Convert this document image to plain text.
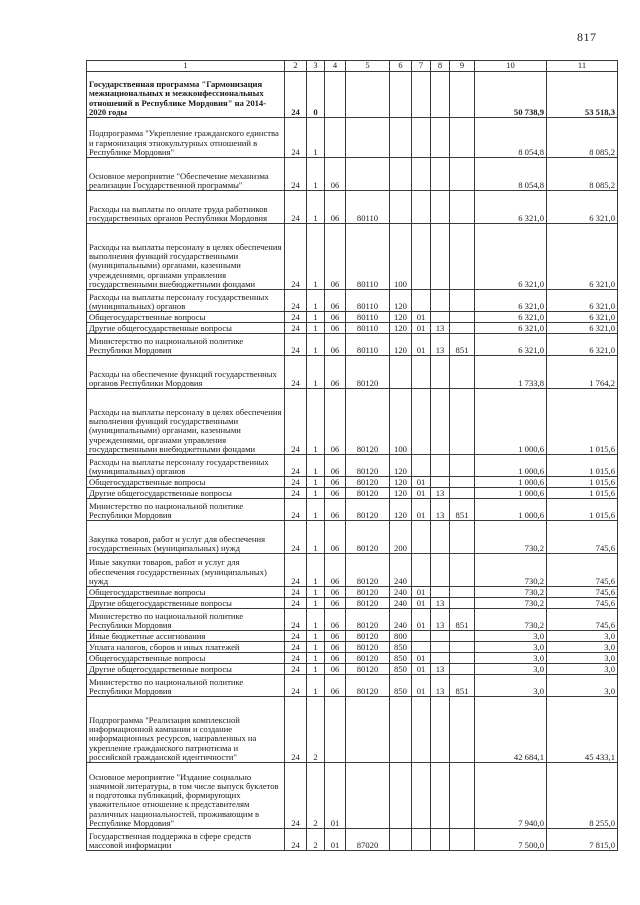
817
1	2	3	4	5	6	7	8	9	10	11
Государственная программа "Гармонизация межнациональных и межконфессиональных отношений в Республике Мордовия" на 2014-2020 годы	24	0							50 738,9	53 518,3
Подпрограмма "Укрепление гражданского единства и гармонизация этнокультурных отношений в Республике Мордовия"	24	1							8 054,8	8 085,2
Основное мероприятие "Обеспечение механизма реализации Государственной программы"	24	1	06						8 054,8	8 085,2
Расходы на выплаты по оплате труда работников государственных органов Республики Мордовия	24	1	06	80110					6 321,0	6 321,0
Расходы на выплаты персоналу в целях обеспечения выполнения функций государственными (муниципальными) органами, казенными учреждениями, органами управления государственными внебюджетными фондами	24	1	06	80110	100				6 321,0	6 321,0
Расходы на выплаты персоналу государственных (муниципальных) органов	24	1	06	80110	120				6 321,0	6 321,0
Общегосударственные вопросы	24	1	06	80110	120	01			6 321,0	6 321,0
Другие общегосударственные вопросы	24	1	06	80110	120	01	13		6 321,0	6 321,0
Министерство по национальной политике Республики Мордовия	24	1	06	80110	120	01	13	851	6 321,0	6 321,0
Расходы на обеспечение функций государственных органов Республики Мордовия	24	1	06	80120					1 733,8	1 764,2
Расходы на выплаты персоналу в целях обеспечения выполнения функций государственными (муниципальными) органами, казенными учреждениями, органами управления государственными внебюджетными фондами	24	1	06	80120	100				1 000,6	1 015,6
Расходы на выплаты персоналу государственных (муниципальных) органов	24	1	06	80120	120				1 000,6	1 015,6
Общегосударственные вопросы	24	1	06	80120	120	01			1 000,6	1 015,6
Другие общегосударственные вопросы	24	1	06	80120	120	01	13		1 000,6	1 015,6
Министерство по национальной политике Республики Мордовия	24	1	06	80120	120	01	13	851	1 000,6	1 015,6
Закупка товаров, работ и услуг для обеспечения государственных (муниципальных) нужд	24	1	06	80120	200				730,2	745,6
Иные закупки товаров, работ и услуг для обеспечения государственных (муниципальных) нужд	24	1	06	80120	240				730,2	745,6
Общегосударственные вопросы	24	1	06	80120	240	01			730,2	745,6
Другие общегосударственные вопросы	24	1	06	80120	240	01	13		730,2	745,6
Министерство по национальной политике Республики Мордовия	24	1	06	80120	240	01	13	851	730,2	745,6
Иные бюджетные ассигнования	24	1	06	80120	800				3,0	3,0
Уплата налогов, сборов и иных платежей	24	1	06	80120	850				3,0	3,0
Общегосударственные вопросы	24	1	06	80120	850	01			3,0	3,0
Другие общегосударственные вопросы	24	1	06	80120	850	01	13		3,0	3,0
Министерство по национальной политике Республики Мордовия	24	1	06	80120	850	01	13	851	3,0	3,0
Подпрограмма "Реализация комплексной информационной кампании и создание информационных ресурсов, направленных на укрепление гражданского патриотизма и российской гражданской идентичности"	24	2							42 684,1	45 433,1
Основное мероприятие "Издание социально значимой литературы, в том числе выпуск буклетов и подготовка публикаций, формирующих уважительное отношение к представителям различных национальностей, проживающим в Республике Мордовия"	24	2	01						7 940,0	8 255,0
Государственная поддержка в сфере средств массовой информации	24	2	01	87020					7 500,0	7 815,0
